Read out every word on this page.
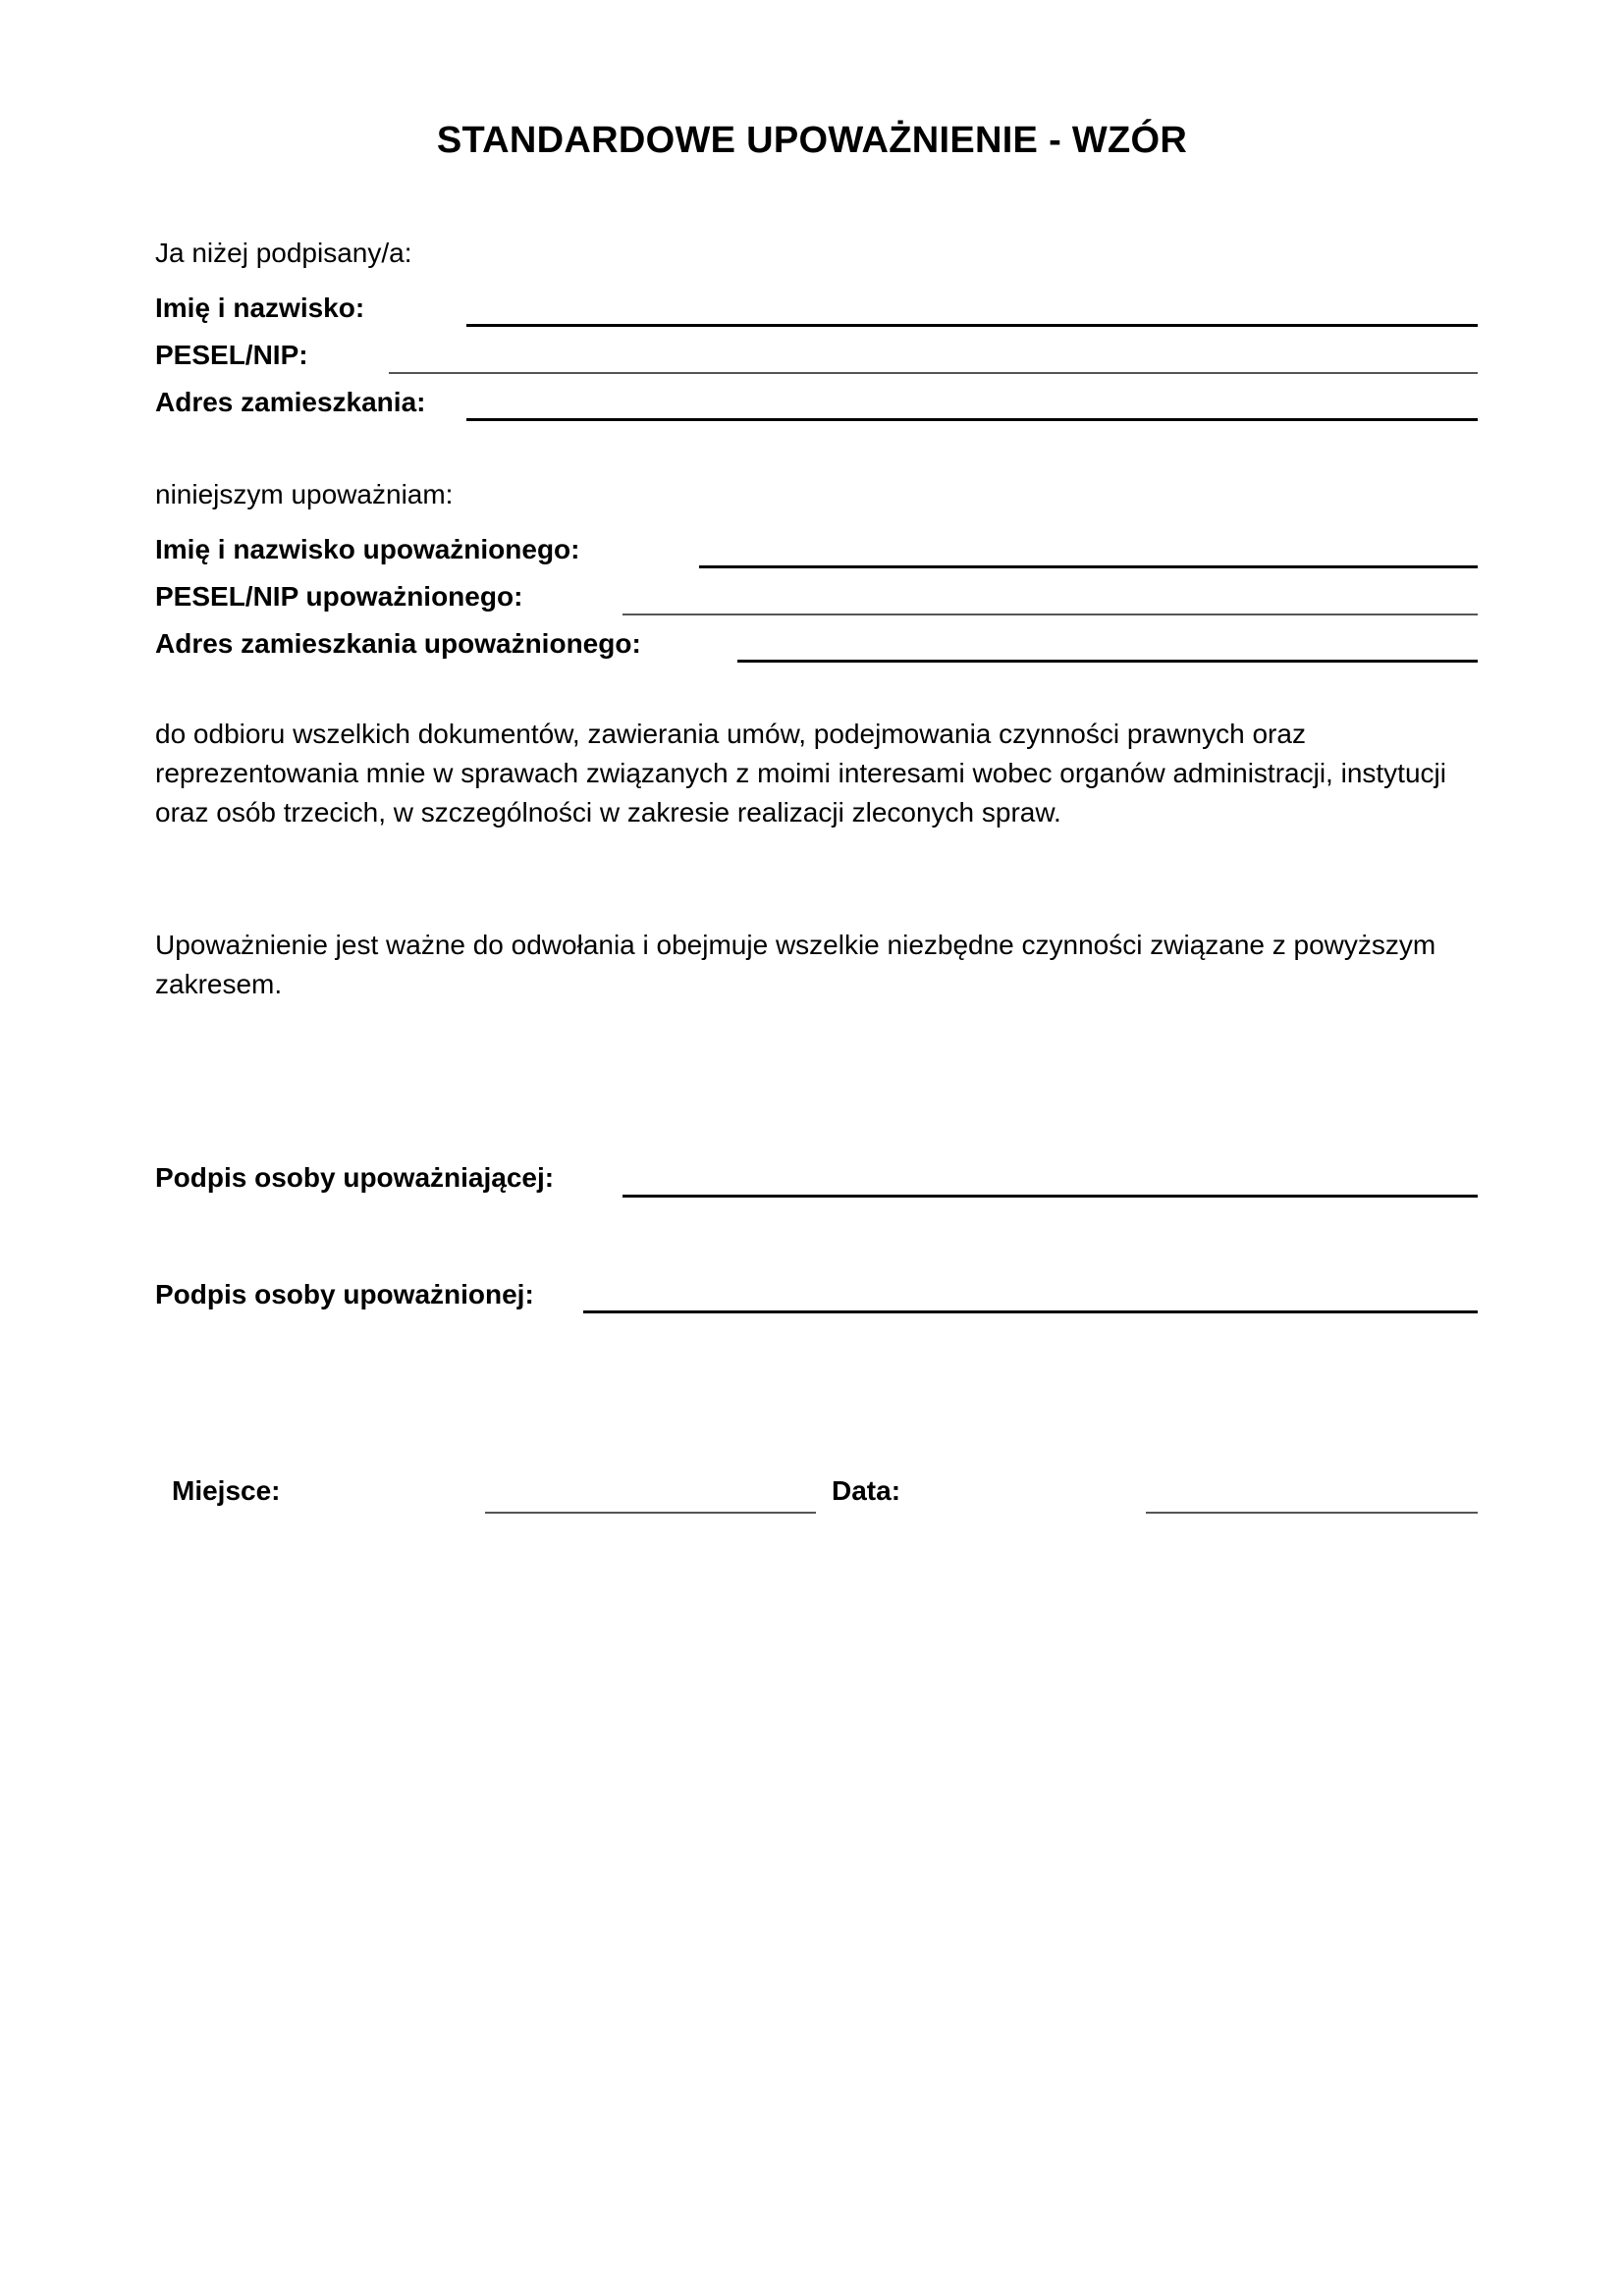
STANDARDOWE UPOWAŻNIENIE - WZÓR
Ja niżej podpisany/a:
Imię i nazwisko:
PESEL/NIP:
Adres zamieszkania:
niniejszym upoważniam:
Imię i nazwisko upoważnionego:
PESEL/NIP upoważnionego:
Adres zamieszkania upoważnionego:
do odbioru wszelkich dokumentów, zawierania umów, podejmowania czynności prawnych oraz reprezentowania mnie w sprawach związanych z moimi interesami wobec organów administracji, instytucji oraz osób trzecich, w szczególności w zakresie realizacji zleconych spraw.
Upoważnienie jest ważne do odwołania i obejmuje wszelkie niezbędne czynności związane z powyższym zakresem.
Podpis osoby upoważniającej:
Podpis osoby upoważnionej:
Miejsce:	Data:
